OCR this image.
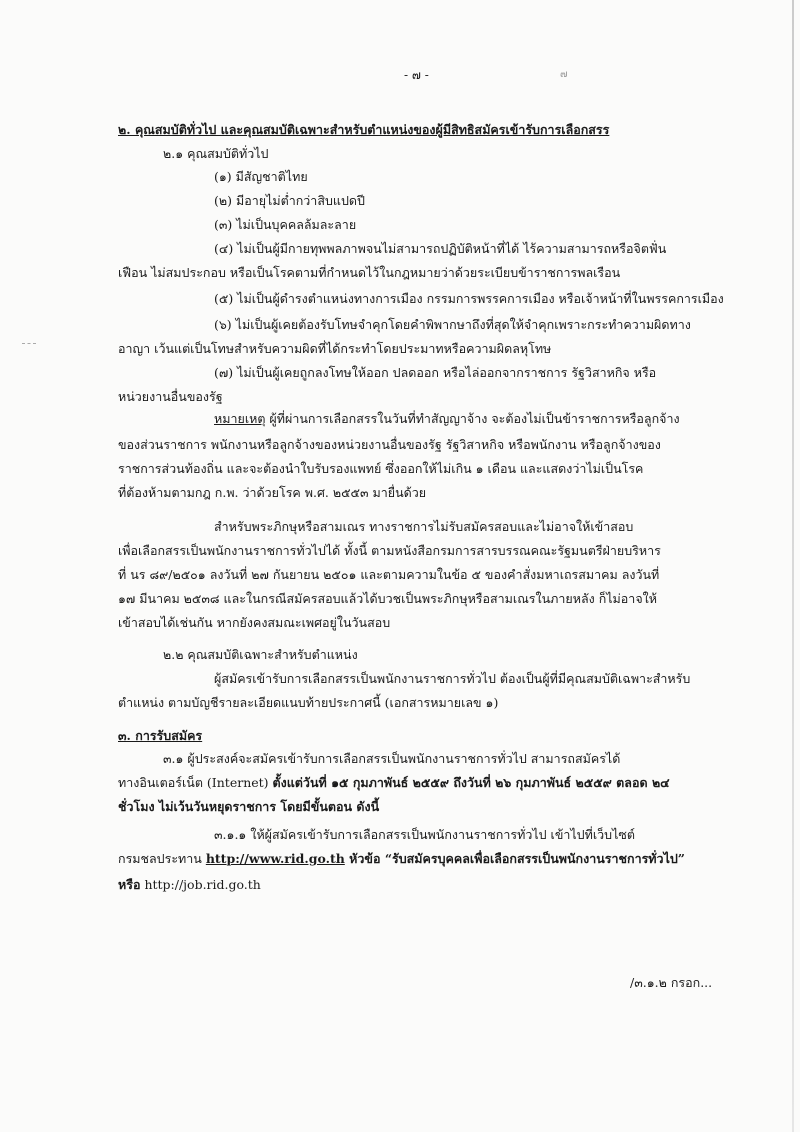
- ๗ -	๗
๒. คุณสมบัติทั่วไป และคุณสมบัติเฉพาะสำหรับตำแหน่งของผู้มีสิทธิสมัครเข้ารับการเลือกสรร
๒.๑ คุณสมบัติทั่วไป
(๑) มีสัญชาติไทย
(๒) มีอายุไม่ต่ำกว่าสิบแปดปี
(๓) ไม่เป็นบุคคลล้มละลาย
(๔) ไม่เป็นผู้มีกายทุพพลภาพจนไม่สามารถปฏิบัติหน้าที่ได้ ไร้ความสามารถหรือจิตฟั่น
เฟือน ไม่สมประกอบ หรือเป็นโรคตามที่กำหนดไว้ในกฎหมายว่าด้วยระเบียบข้าราชการพลเรือน
(๕) ไม่เป็นผู้ดำรงตำแหน่งทางการเมือง กรรมการพรรคการเมือง หรือเจ้าหน้าที่ในพรรคการเมือง
(๖) ไม่เป็นผู้เคยต้องรับโทษจำคุกโดยคำพิพากษาถึงที่สุดให้จำคุกเพราะกระทำความผิดทาง
อาญา เว้นแต่เป็นโทษสำหรับความผิดที่ได้กระทำโดยประมาทหรือความผิดลหุโทษ
(๗) ไม่เป็นผู้เคยถูกลงโทษให้ออก ปลดออก หรือไล่ออกจากราชการ รัฐวิสาหกิจ หรือ
หน่วยงานอื่นของรัฐ
หมายเหตุ ผู้ที่ผ่านการเลือกสรรในวันที่ทำสัญญาจ้าง จะต้องไม่เป็นข้าราชการหรือลูกจ้าง
ของส่วนราชการ พนักงานหรือลูกจ้างของหน่วยงานอื่นของรัฐ รัฐวิสาหกิจ หรือพนักงาน หรือลูกจ้างของ
ราชการส่วนท้องถิ่น และจะต้องนำใบรับรองแพทย์ ซึ่งออกให้ไม่เกิน ๑ เดือน และแสดงว่าไม่เป็นโรค
ที่ต้องห้ามตามกฎ ก.พ. ว่าด้วยโรค พ.ศ. ๒๕๕๓ มายื่นด้วย
สำหรับพระภิกษุหรือสามเณร ทางราชการไม่รับสมัครสอบและไม่อาจให้เข้าสอบ
เพื่อเลือกสรรเป็นพนักงานราชการทั่วไปได้ ทั้งนี้ ตามหนังสือกรมการสารบรรณคณะรัฐมนตรีฝ่ายบริหาร
ที่ นร ๘๙/๒๕๐๑ ลงวันที่ ๒๗ กันยายน ๒๕๐๑ และตามความในข้อ ๕ ของคำสั่งมหาเถรสมาคม ลงวันที่
๑๗ มีนาคม ๒๕๓๘ และในกรณีสมัครสอบแล้วได้บวชเป็นพระภิกษุหรือสามเณรในภายหลัง ก็ไม่อาจให้
เข้าสอบได้เช่นกัน หากยังคงสมณะเพศอยู่ในวันสอบ
๒.๒ คุณสมบัติเฉพาะสำหรับตำแหน่ง
ผู้สมัครเข้ารับการเลือกสรรเป็นพนักงานราชการทั่วไป ต้องเป็นผู้ที่มีคุณสมบัติเฉพาะสำหรับ
ตำแหน่ง ตามบัญชีรายละเอียดแนบท้ายประกาศนี้ (เอกสารหมายเลข ๑)
๓. การรับสมัคร
๓.๑ ผู้ประสงค์จะสมัครเข้ารับการเลือกสรรเป็นพนักงานราชการทั่วไป สามารถสมัครได้
ทางอินเตอร์เน็ต (Internet) ตั้งแต่วันที่ ๑๕ กุมภาพันธ์ ๒๕๕๙ ถึงวันที่ ๒๖ กุมภาพันธ์ ๒๕๕๙ ตลอด ๒๔
ชั่วโมง ไม่เว้นวันหยุดราชการ โดยมีขั้นตอน ดังนี้
๓.๑.๑ ให้ผู้สมัครเข้ารับการเลือกสรรเป็นพนักงานราชการทั่วไป เข้าไปที่เว็บไซต์
กรมชลประทาน http://www.rid.go.th หัวข้อ “รับสมัครบุคคลเพื่อเลือกสรรเป็นพนักงานราชการทั่วไป”
หรือ http://job.rid.go.th
/๓.๑.๒ กรอก...
